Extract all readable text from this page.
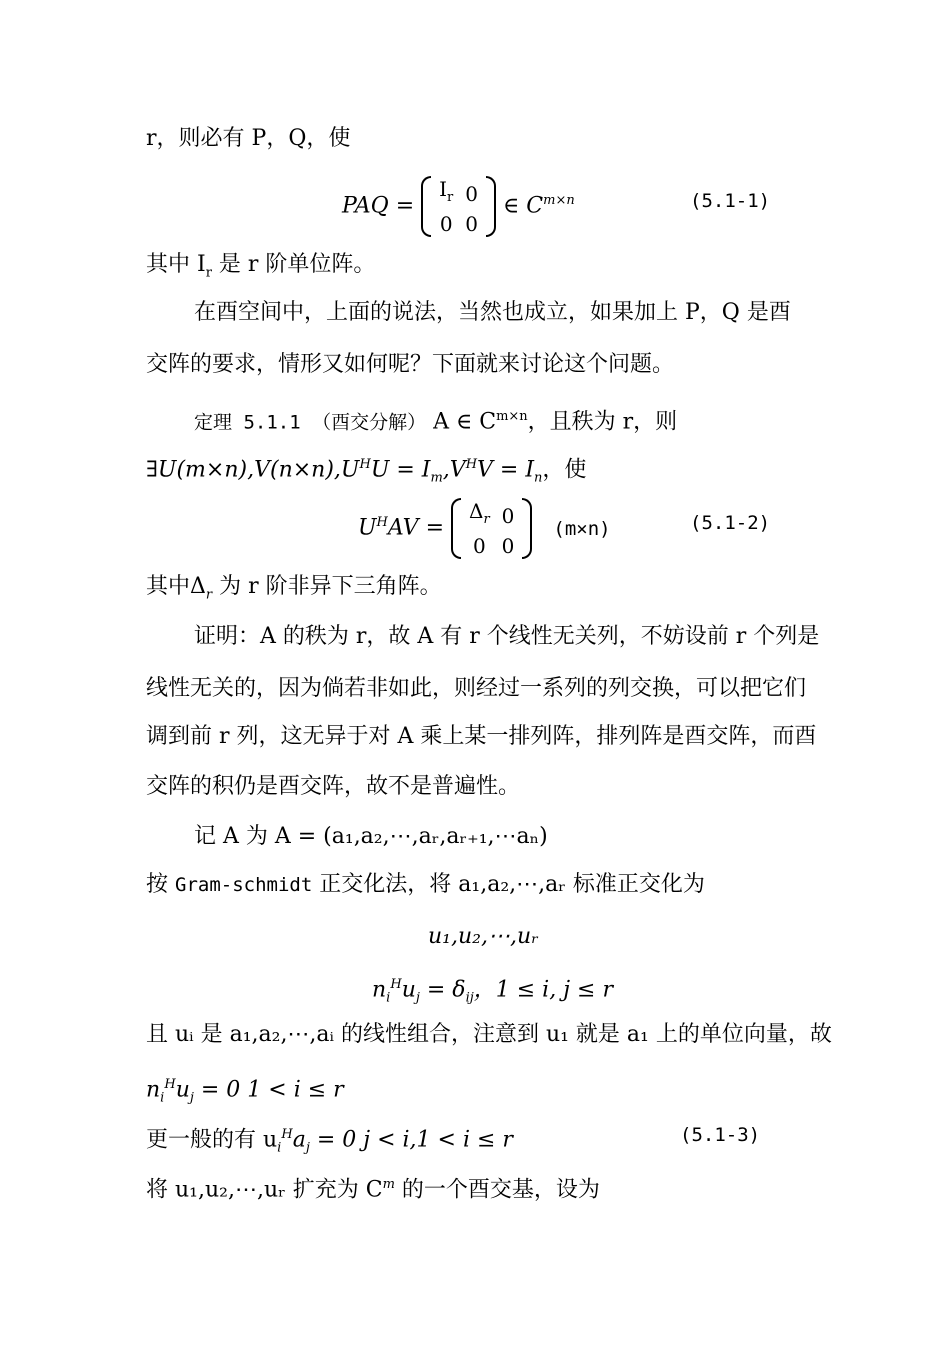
r，则必有 P，Q，使
PAQ =
$I_r$	0
0	0
∈ $C^{m\times n}$	(5.1-1)
其中 $I_r$ 是 r 阶单位阵。
在酉空间中，上面的说法，当然也成立，如果加上 P，Q 是酉
交阵的要求，情形又如何呢？下面就来讨论这个问题。
定理 5.1.1 （酉交分解） A ∈ $C^{m\times n}$，且秩为 r，则
$\exists U(m\times n),V(n\times n),U^HU = I_m,V^HV = I_n$，使
$U^HAV$ =
$\Delta_r$	0
0	0
(m×n)	(5.1-2)
其中$\Delta_r$ 为 r 阶非异下三角阵。
证明：A 的秩为 r，故 A 有 r 个线性无关列，不妨设前 r 个列是
线性无关的，因为倘若非如此，则经过一系列的列交换，可以把它们
调到前 r 列，这无异于对 A 乘上某一排列阵，排列阵是酉交阵，而酉
交阵的积仍是酉交阵，故不是普遍性。
记 A 为 A = (a₁,a₂,⋯,aᵣ,aᵣ₊₁,⋯aₙ)
按 Gram-schmidt 正交化法，将 a₁,a₂,⋯,aᵣ 标准正交化为
u₁,u₂,⋯,uᵣ
$n_i^Hu_j = \delta_{ij}$，1 ≤ i, j ≤ r
且 uᵢ 是 a₁,a₂,⋯,aᵢ 的线性组合，注意到 u₁ 就是 a₁ 上的单位向量，故
$n_i^Hu_j = 0$ 1 < i ≤ r
更一般的有 $u_i^Ha_j = 0$ j < i,1 < i ≤ r	(5.1-3)
将 u₁,u₂,⋯,uᵣ 扩充为 $C^m$ 的一个酉交基，设为
